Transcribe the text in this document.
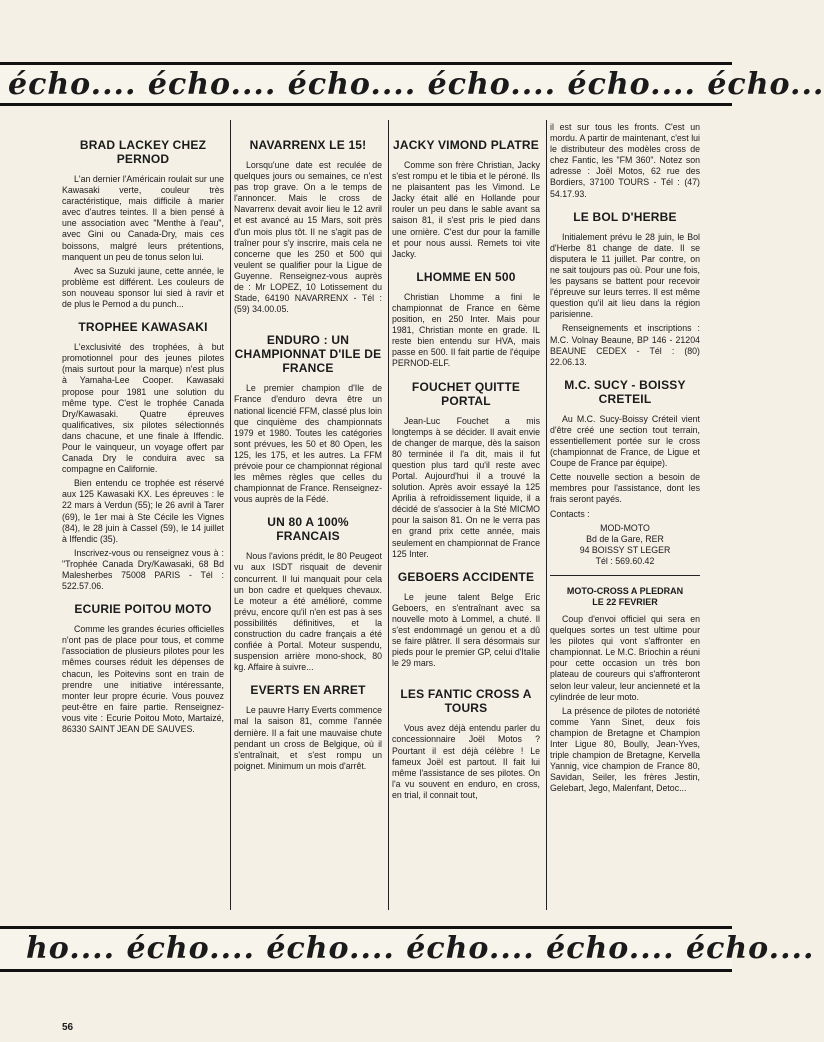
écho.... écho.... écho.... écho.... écho.... écho...
BRAD LACKEY CHEZ PERNOD

L'an dernier l'Américain roulait sur une Kawasaki verte, couleur très caractéristique, mais difficile à marier avec d'autres teintes. Il a bien pensé à une association avec "Menthe à l'eau", avec Gini ou Canada-Dry, mais ces boissons, malgré leurs prétentions, manquent un peu de tonus selon lui.

Avec sa Suzuki jaune, cette année, le problème est différent. Les couleurs de son nouveau sponsor lui sied à ravir et de plus le Pernod a du punch...

TROPHEE KAWASAKI

L'exclusivité des trophées, à but promotionnel pour des jeunes pilotes (mais surtout pour la marque) n'est plus à Yamaha-Lee Cooper. Kawasaki propose pour 1981 une solution du même type. C'est le trophée Canada Dry/Kawasaki. Quatre épreuves qualificatives, six pilotes sélectionnés dans chacune, et une finale à Iffendic. Pour le vainqueur, un voyage offert par Canada Dry le conduira avec sa compagne en Californie.

Bien entendu ce trophée est réservé aux 125 Kawasaki KX. Les épreuves : le 22 mars à Verdun (55); le 26 avril à Tarer (69), le 1er mai à Ste Cécile les Vignes (84), le 28 juin à Cassel (59), le 14 juillet à Iffendic (35).

Inscrivez-vous ou renseignez vous à : "Trophée Canada Dry/Kawasaki, 68 Bd Malesherbes 75008 PARIS - Tél : 522.57.06.

ECURIE POITOU MOTO

Comme les grandes écuries officielles n'ont pas de place pour tous, et comme l'association de plusieurs pilotes pour les mêmes courses réduit les dépenses de chacun, les Poitevins sont en train de prendre une initiative intéressante, monter leur propre écurie. Vous pouvez peut-être en faire partie. Renseignez-vous vite : Ecurie Poitou Moto, Martaizé, 86330 SAINT JEAN DE SAUVES.

NAVARRENX LE 15!

Lorsqu'une date est reculée de quelques jours ou semaines, ce n'est pas trop grave. On a le temps de l'annoncer. Mais le cross de Navarrenx devait avoir lieu le 12 avril et est avancé au 15 Mars, soit près d'un mois plus tôt. Il ne s'agit pas de traîner pour s'y inscrire, mais cela ne concerne que les 250 et 500 qui veulent se qualifier pour la Ligue de Guyenne. Renseignez-vous auprès de : Mr LOPEZ, 10 Lotissement du Stade, 64190 NAVARRENX - Tél : (59) 34.00.05.

ENDURO : UN CHAMPIONNAT D'ILE DE FRANCE

Le premier champion d'Ile de France d'enduro devra être un national licencié FFM, classé plus loin que cinquième des championnats 1979 et 1980. Toutes les catégories sont prévues, les 50 et 80 Open, les 125, les 175, et les autres. La FFM prévoie pour ce championnat régional les mêmes règles que celles du championnat de France. Renseignez-vous auprès de la Fédé.

UN 80 A 100% FRANCAIS

Nous l'avions prédit, le 80 Peugeot vu aux ISDT risquait de devenir concurrent. Il lui manquait pour cela un bon cadre et quelques chevaux. Le moteur a été amélioré, comme prévu, encore qu'il n'en est pas à ses possibilités définitives, et la construction du cadre français a été confiée à Portal. Moteur suspendu, suspension arrière mono-shock, 80 kg. Affaire à suivre...

EVERTS EN ARRET

Le pauvre Harry Everts commence mal la saison 81, comme l'année dernière. Il a fait une mauvaise chute pendant un cross de Belgique, où il s'entraînait, et s'est rompu un poignet. Minimum un mois d'arrêt.

JACKY VIMOND PLATRE

Comme son frère Christian, Jacky s'est rompu et le tibia et le péroné. Ils ne plaisantent pas les Vimond. Le Jacky était allé en Hollande pour rouler un peu dans le sable avant sa saison 81, il s'est pris le pied dans une ornière. C'est dur pour la famille et pour nous aussi. Remets toi vite Jacky.

LHOMME EN 500

Christian Lhomme a fini le championnat de France en 6ème position, en 250 Inter. Mais pour 1981, Christian monte en grade. IL reste bien entendu sur HVA, mais passe en 500. Il fait partie de l'équipe PERNOD-ELF.

FOUCHET QUITTE PORTAL

Jean-Luc Fouchet a mis longtemps à se décider. Il avait envie de changer de marque, dès la saison 80 terminée il l'a dit, mais il fut question plus tard qu'il reste avec Portal. Aujourd'hui il a trouvé la solution. Après avoir essayé la 125 Aprilia à refroidissement liquide, il a décidé de s'associer à la Sté MICMO pour la saison 81. On ne le verra pas en grand prix cette année, mais seulement en championnat de France 125 Inter.

GEBOERS ACCIDENTE

Le jeune talent Belge Eric Geboers, en s'entraînant avec sa nouvelle moto à Lommel, a chuté. Il s'est endommagé un genou et a dû se faire plâtrer. Il sera désormais sur pieds pour le premier GP, celui d'Italie le 29 mars.

LES FANTIC CROSS A TOURS

Vous avez déjà entendu parler du concessionnaire Joël Motos ? Pourtant il est déjà célèbre ! Le fameux Joël est partout. Il fait lui même l'assistance de ses pilotes. On l'a vu souvent en enduro, en cross, en trial, il connait tout,

il est sur tous les fronts. C'est un mordu. A partir de maintenant, c'est lui le distributeur des modèles cross de chez Fantic, les "FM 360". Notez son adresse : Joël Motos, 62 rue des Bordiers, 37100 TOURS - Tél : (47) 54.17.93.

LE BOL D'HERBE

Initialement prévu le 28 juin, le Bol d'Herbe 81 change de date. Il se disputera le 11 juillet. Par contre, on ne sait toujours pas où. Pour une fois, les paysans se battent pour recevoir l'épreuve sur leurs terres. Il est même question qu'il ait lieu dans la région parisienne.

Renseignements et inscriptions : M.C. Volnay Beaune, BP 146 - 21204 BEAUNE CEDEX - Tél : (80) 22.06.13.

M.C. SUCY - BOISSY CRETEIL

Au M.C. Sucy-Boissy Créteil vient d'être créé une section tout terrain, essentiellement portée sur le cross (championnat de France, de Ligue et Coupe de France par équipe).

Cette nouvelle section a besoin de membres pour l'assistance, dont les frais seront payés.

Contacts :

MOD-MOTO
Bd de la Gare, RER
94 BOISSY ST LEGER
Tél : 569.60.42
MOTO-CROSS A PLEDRAN
LE 22 FEVRIER

Coup d'envoi officiel qui sera en quelques sortes un test ultime pour les pilotes qui vont s'affronter en championnat. Le M.C. Briochin a réuni pour cette occasion un très bon plateau de coureurs qui s'affronteront selon leur valeur, leur ancienneté et la cylindrée de leur moto.

La présence de pilotes de notoriété comme Yann Sinet, deux fois champion de Bretagne et Champion Inter Ligue 80, Boully, Jean-Yves, triple champion de Bretagne, Kervella Yannig, vice champion de France 80, Savidan, Seiler, les frères Jestin, Gelebart, Jego, Malenfant, Detoc...

ho.... écho.... écho.... écho.... écho.... écho....
56
